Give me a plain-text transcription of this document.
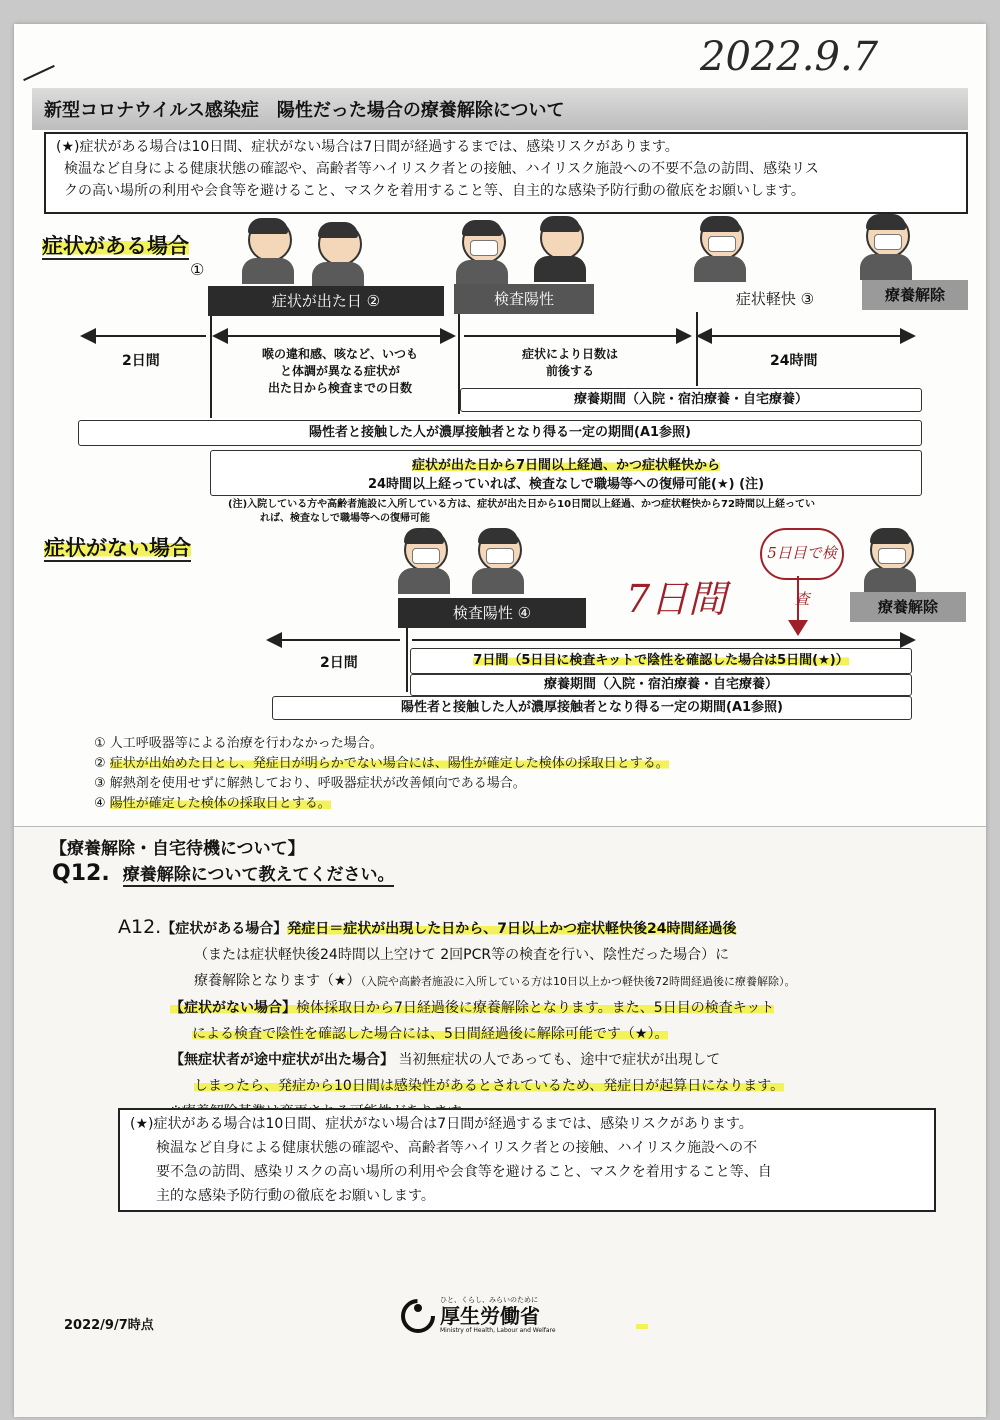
2022.9.7
新型コロナウイルス感染症　陽性だった場合の療養解除について
(★)症状がある場合は10日間、症状がない場合は7日間が経過するまでは、感染リスクがあります。
検温など自身による健康状態の確認や、高齢者等ハイリスク者との接触、ハイリスク施設への不要不急の訪問、感染リス
クの高い場所の利用や会食等を避けること、マスクを着用すること等、自主的な感染予防行動の徹底をお願いします。
症状がある場合
①
症状が出た日 ②	検査陽性	症状軽快 ③	療養解除
2日間	喉の違和感、咳など、いつも
と体調が異なる症状が
出た日から検査までの日数
症状により日数は
前後する
24時間
療養期間（入院・宿泊療養・自宅療養）
陽性者と接触した人が濃厚接触者となり得る一定の期間(A1参照)
症状が出た日から7日間以上経過、かつ症状軽快から
24時間以上経っていれば、検査なしで職場等への復帰可能(★) (注)
(注)入院している方や高齢者施設に入所している方は、症状が出た日から10日間以上経過、かつ症状軽快から72時間以上経ってい
れば、検査なしで職場等への復帰可能
症状がない場合
7日間
5日目で検査
検査陽性 ④	療養解除
2日間	7日間（5日目に検査キットで陰性を確認した場合は5日間(★)）
療養期間（入院・宿泊療養・自宅療養）
陽性者と接触した人が濃厚接触者となり得る一定の期間(A1参照)
① 人工呼吸器等による治療を行わなかった場合。
② 症状が出始めた日とし、発症日が明らかでない場合には、陽性が確定した検体の採取日とする。
③ 解熱剤を使用せずに解熱しており、呼吸器症状が改善傾向である場合。
④ 陽性が確定した検体の採取日とする。
【療養解除・自宅待機について】
Q12. 療養解除について教えてください。
A12.【症状がある場合】発症日＝症状が出現した日から、7日以上かつ症状軽快後24時間経過後
（または症状軽快後24時間以上空けて 2回PCR等の検査を行い、陰性だった場合）に
療養解除となります（★）（入院や高齢者施設に入所している方は10日以上かつ軽快後72時間経過後に療養解除）。
【症状がない場合】検体採取日から7日経過後に療養解除となります。また、5日目の検査キット
による検査で陰性を確認した場合には、5日間経過後に解除可能です（★）。
【無症状者が途中症状が出た場合】 当初無症状の人であっても、途中で症状が出現して
しまったら、発症から10日間は感染性があるとされているため、発症日が起算日になります。
(★)症状がある場合は10日間、症状がない場合は7日間が経過するまでは、感染リスクがあります。
検温など自身による健康状態の確認や、高齢者等ハイリスク者との接触、ハイリスク施設への不
要不急の訪問、感染リスクの高い場所の利用や会食等を避けること、マスクを着用すること等、自
主的な感染予防行動の徹底をお願いします。
2022/9/7時点
ひと、くらし、みらいのために
厚生労働省
Ministry of Health, Labour and Welfare
